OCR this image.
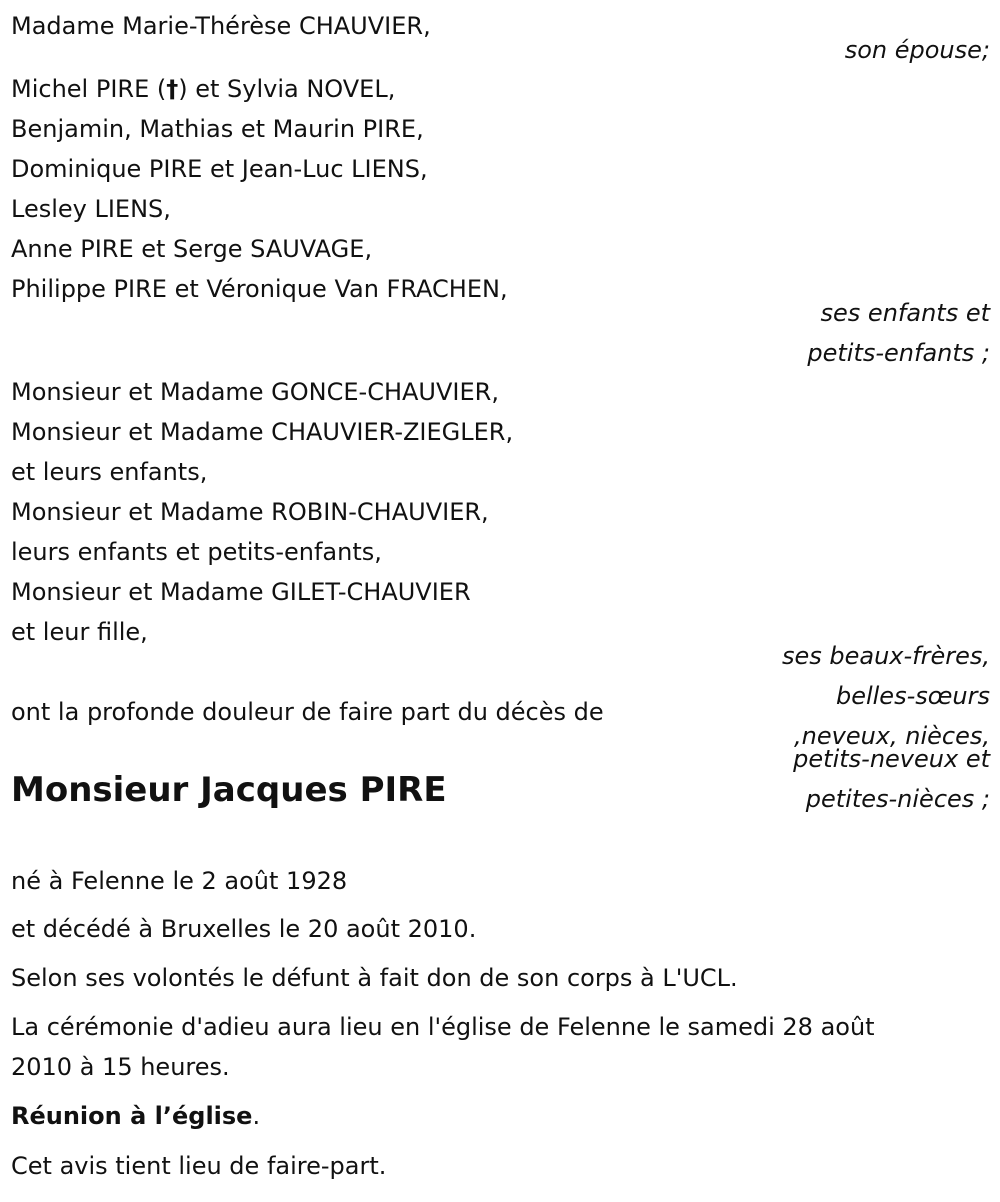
Madame Marie-Thérèse CHAUVIER,
son épouse;
Michel PIRE (†) et Sylvia NOVEL,
Benjamin, Mathias et Maurin PIRE,
Dominique PIRE et Jean-Luc LIENS,
Lesley LIENS,
Anne PIRE et Serge SAUVAGE,
Philippe PIRE et Véronique Van FRACHEN,
ses enfants et
petits-enfants ;
Monsieur et Madame GONCE-CHAUVIER,
Monsieur et Madame CHAUVIER-ZIEGLER,
et leurs enfants,
Monsieur et Madame ROBIN-CHAUVIER,
leurs enfants et petits-enfants,
Monsieur et Madame GILET-CHAUVIER
et leur fille,
ses beaux-frères,
belles-sœurs
,neveux, nièces,
petits-neveux et
petites-nièces ;
ont la profonde douleur de faire part du décès de
Monsieur Jacques PIRE
né à Felenne le 2 août 1928
et décédé à Bruxelles le 20 août 2010.
Selon ses volontés le défunt à fait don de son corps à L'UCL.
La cérémonie d'adieu aura lieu en l'église de Felenne le samedi 28 août
2010 à 15 heures.
Réunion à l’église.
Cet avis tient lieu de faire-part.
